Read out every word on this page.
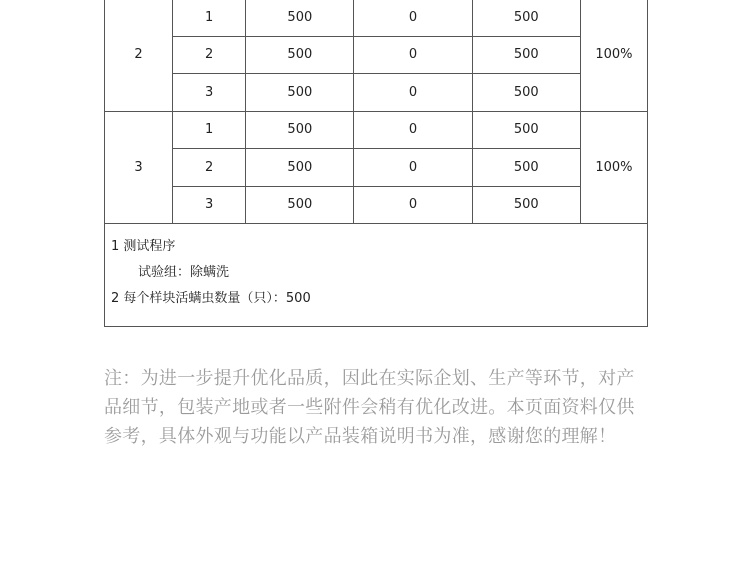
2	1	500	0	500	100%
	2	500	0	500	
	3	500	0	500	
3	1	500	0	500	100%
	2	500	0	500	
	3	500	0	500	
1 测试程序
试验组：除螨洗
2 每个样块活螨虫数量（只）：500

注：为进一步提升优化品质，因此在实际企划、生产等环节，对产品细节，包装产地或者一些附件会稍有优化改进。本页面资料仅供参考，具体外观与功能以产品装箱说明书为准，感谢您的理解！
